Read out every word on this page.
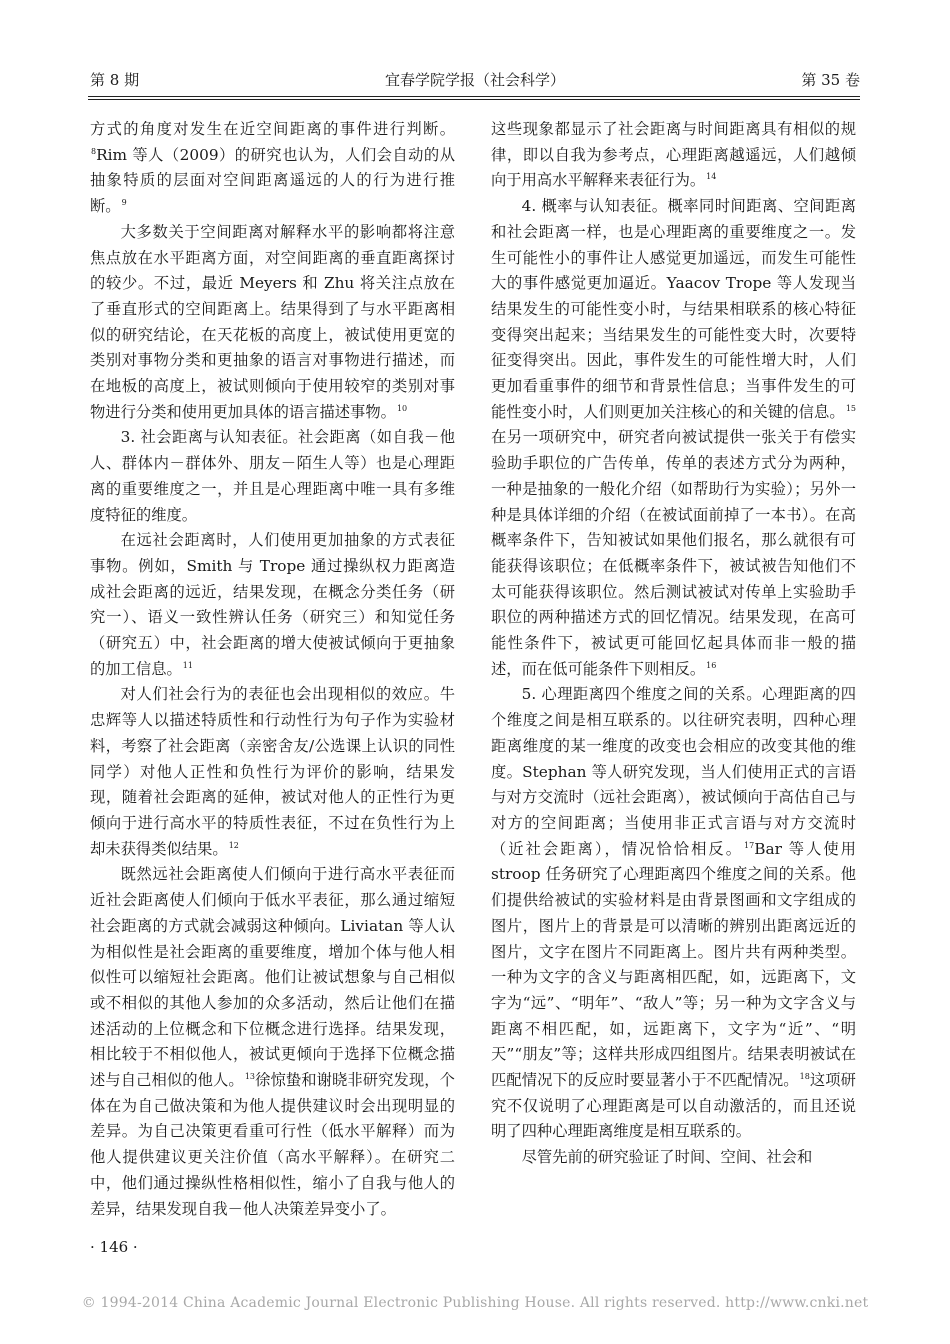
第 8 期	宜春学院学报（社会科学）	第 35 卷

方式的角度对发生在近空间距离的事件进行判断。$^8$Rim 等人（2009）的研究也认为，人们会自动的从抽象特质的层面对空间距离遥远的人的行为进行推断。$^9$

大多数关于空间距离对解释水平的影响都将注意焦点放在水平距离方面，对空间距离的垂直距离探讨的较少。不过，最近 Meyers 和 Zhu 将关注点放在了垂直形式的空间距离上。结果得到了与水平距离相似的研究结论，在天花板的高度上，被试使用更宽的类别对事物分类和更抽象的语言对事物进行描述，而在地板的高度上，被试则倾向于使用较窄的类别对事物进行分类和使用更加具体的语言描述事物。$^{10}$

3. 社会距离与认知表征。社会距离（如自我－他人、群体内－群体外、朋友－陌生人等）也是心理距离的重要维度之一，并且是心理距离中唯一具有多维度特征的维度。

在远社会距离时，人们使用更加抽象的方式表征事物。例如，Smith 与 Trope 通过操纵权力距离造成社会距离的远近，结果发现，在概念分类任务（研究一）、语义一致性辨认任务（研究三）和知觉任务（研究五）中，社会距离的增大使被试倾向于更抽象的加工信息。$^{11}$

对人们社会行为的表征也会出现相似的效应。牛忠辉等人以描述特质性和行动性行为句子作为实验材料，考察了社会距离（亲密舍友/公选课上认识的同性同学）对他人正性和负性行为评价的影响，结果发现，随着社会距离的延伸，被试对他人的正性行为更倾向于进行高水平的特质性表征，不过在负性行为上却未获得类似结果。$^{12}$

既然远社会距离使人们倾向于进行高水平表征而近社会距离使人们倾向于低水平表征，那么通过缩短社会距离的方式就会减弱这种倾向。Liviatan 等人认为相似性是社会距离的重要维度，增加个体与他人相似性可以缩短社会距离。他们让被试想象与自己相似或不相似的其他人参加的众多活动，然后让他们在描述活动的上位概念和下位概念进行选择。结果发现，相比较于不相似他人，被试更倾向于选择下位概念描述与自己相似的他人。$^{13}$徐惊蛰和谢晓非研究发现，个体在为自己做决策和为他人提供建议时会出现明显的差异。为自己决策更看重可行性（低水平解释）而为他人提供建议更关注价值（高水平解释）。在研究二中，他们通过操纵性格相似性，缩小了自我与他人的差异，结果发现自我－他人决策差异变小了。

这些现象都显示了社会距离与时间距离具有相似的规律，即以自我为参考点，心理距离越遥远，人们越倾向于用高水平解释来表征行为。$^{14}$

4. 概率与认知表征。概率同时间距离、空间距离和社会距离一样，也是心理距离的重要维度之一。发生可能性小的事件让人感觉更加遥远，而发生可能性大的事件感觉更加逼近。Yaacov Trope 等人发现当结果发生的可能性变小时，与结果相联系的核心特征变得突出起来；当结果发生的可能性变大时，次要特征变得突出。因此，事件发生的可能性增大时，人们更加看重事件的细节和背景性信息；当事件发生的可能性变小时，人们则更加关注核心的和关键的信息。$^{15}$在另一项研究中，研究者向被试提供一张关于有偿实验助手职位的广告传单，传单的表述方式分为两种，一种是抽象的一般化介绍（如帮助行为实验）；另外一种是具体详细的介绍（在被试面前掉了一本书）。在高概率条件下，告知被试如果他们报名，那么就很有可能获得该职位；在低概率条件下，被试被告知他们不太可能获得该职位。然后测试被试对传单上实验助手职位的两种描述方式的回忆情况。结果发现，在高可能性条件下，被试更可能回忆起具体而非一般的描述，而在低可能条件下则相反。$^{16}$

5. 心理距离四个维度之间的关系。心理距离的四个维度之间是相互联系的。以往研究表明，四种心理距离维度的某一维度的改变也会相应的改变其他的维度。Stephan 等人研究发现，当人们使用正式的言语与对方交流时（远社会距离），被试倾向于高估自己与对方的空间距离；当使用非正式言语与对方交流时（近社会距离），情况恰恰相反。$^{17}$Bar 等人使用 stroop 任务研究了心理距离四个维度之间的关系。他们提供给被试的实验材料是由背景图画和文字组成的图片，图片上的背景是可以清晰的辨别出距离远近的图片，文字在图片不同距离上。图片共有两种类型。一种为文字的含义与距离相匹配，如，远距离下，文字为“远”、“明年”、“敌人”等；另一种为文字含义与距离不相匹配，如，远距离下，文字为“近”、“明天”“朋友”等；这样共形成四组图片。结果表明被试在匹配情况下的反应时要显著小于不匹配情况。$^{18}$这项研究不仅说明了心理距离是可以自动激活的，而且还说明了四种心理距离维度是相互联系的。

尽管先前的研究验证了时间、空间、社会和

· 146 ·
© 1994-2014 China Academic Journal Electronic Publishing House. All rights reserved. http://www.cnki.net
